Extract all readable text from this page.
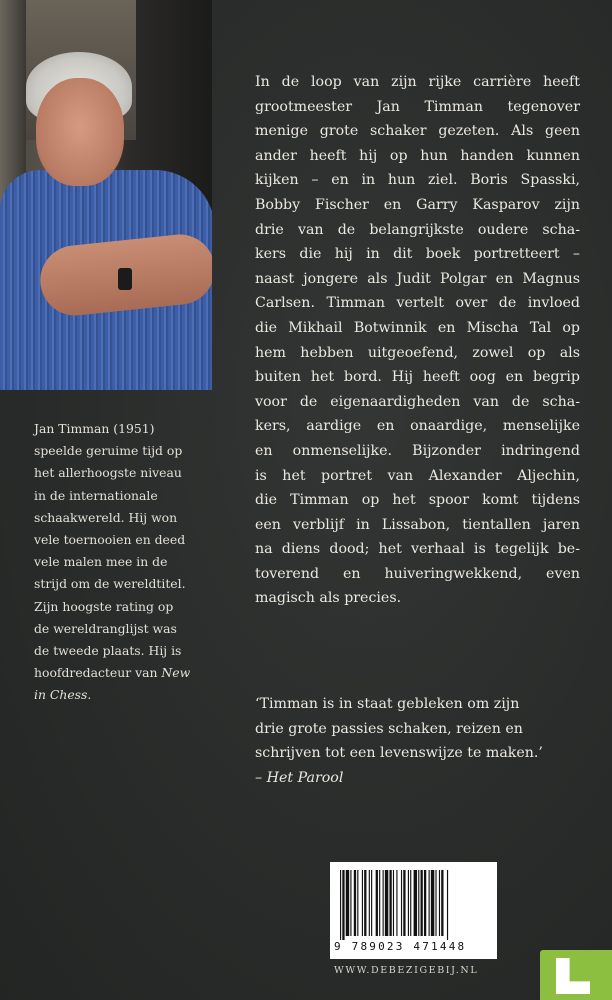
Jan Timman (1951)
speelde geruime tijd op
het allerhoogste niveau
in de internationale
schaakwereld. Hij won
vele toernooien en deed
vele malen mee in de
strijd om de wereldtitel.
Zijn hoogste rating op
de wereldranglijst was
de tweede plaats. Hij is
hoofdredacteur van New
in Chess.
In de loop van zijn rijke carrière heeft
grootmeester Jan Timman tegenover
menige grote schaker gezeten. Als geen
ander heeft hij op hun handen kunnen
kijken – en in hun ziel. Boris Spasski,
Bobby Fischer en Garry Kasparov zijn
drie van de belangrijkste oudere scha-
kers die hij in dit boek portretteert –
naast jongere als Judit Polgar en Magnus
Carlsen. Timman vertelt over de invloed
die Mikhail Botwinnik en Mischa Tal op
hem hebben uitgeoefend, zowel op als
buiten het bord. Hij heeft oog en begrip
voor de eigenaardigheden van de scha-
kers, aardige en onaardige, menselijke
en onmenselijke. Bijzonder indringend
is het portret van Alexander Aljechin,
die Timman op het spoor komt tijdens
een verblijf in Lissabon, tientallen jaren
na diens dood; het verhaal is tegelijk be-
toverend en huiveringwekkend, even
magisch als precies.
‘Timman is in staat gebleken om zijn
drie grote passies schaken, reizen en
schrijven tot een levenswijze te maken.’
– Het Parool
9 789023 471448
WWW.DEBEZIGEBIJ.NL
